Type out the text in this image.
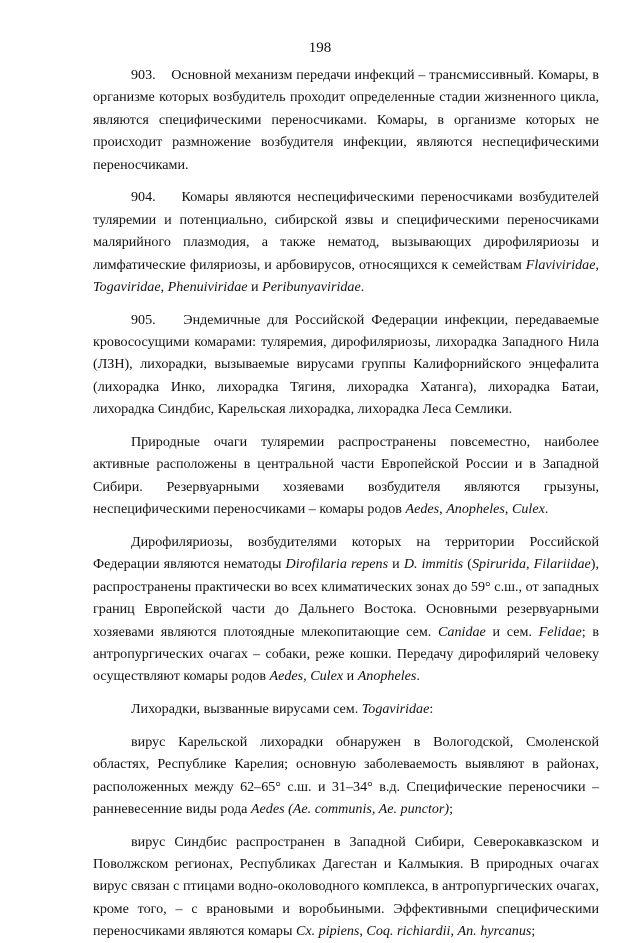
198

903. Основной механизм передачи инфекций – трансмиссивный. Комары, в организме которых возбудитель проходит определенные стадии жизненного цикла, являются специфическими переносчиками. Комары, в организме которых не происходит размножение возбудителя инфекции, являются неспецифическими переносчиками.

904. Комары являются неспецифическими переносчиками возбудителей туляремии и потенциально, сибирской язвы и специфическими переносчиками малярийного плазмодия, а также нематод, вызывающих дирофиляриозы и лимфатические филяриозы, и арбовирусов, относящихся к семействам Flaviviridae, Togaviridae, Phenuiviridae и Peribunyaviridae.

905. Эндемичные для Российской Федерации инфекции, передаваемые кровососущими комарами: туляремия, дирофиляриозы, лихорадка Западного Нила (ЛЗН), лихорадки, вызываемые вирусами группы Калифорнийского энцефалита (лихорадка Инко, лихорадка Тягиня, лихорадка Хатанга), лихорадка Батаи, лихорадка Синдбис, Карельская лихорадка, лихорадка Леса Семлики.

Природные очаги туляремии распространены повсеместно, наиболее активные расположены в центральной части Европейской России и в Западной Сибири. Резервуарными хозяевами возбудителя являются грызуны, неспецифическими переносчиками – комары родов Aedes, Anopheles, Culex.

Дирофиляриозы, возбудителями которых на территории Российской Федерации являются нематоды Dirofilaria repens и D. immitis (Spirurida, Filariidae), распространены практически во всех климатических зонах до 59° с.ш., от западных границ Европейской части до Дальнего Востока. Основными резервуарными хозяевами являются плотоядные млекопитающие сем. Canidae и сем. Felidae; в антропургических очагах – собаки, реже кошки. Передачу дирофилярий человеку осуществляют комары родов Aedes, Culex и Anopheles.

Лихорадки, вызванные вирусами сем. Togaviridae:

вирус Карельской лихорадки обнаружен в Вологодской, Смоленской областях, Республике Карелия; основную заболеваемость выявляют в районах, расположенных между 62–65° с.ш. и 31–34° в.д. Специфические переносчики – ранневесенние виды рода Aedes (Ae. communis, Ae. punctor);

вирус Синдбис распространен в Западной Сибири, Северокавказском и Поволжском регионах, Республиках Дагестан и Калмыкия. В природных очагах вирус связан с птицами водно-околоводного комплекса, в антропургических очагах, кроме того, – с врановыми и воробьиными. Эффективными специфическими переносчиками являются комары Cx. pipiens, Coq. richiardii, An. hyrcanus;
